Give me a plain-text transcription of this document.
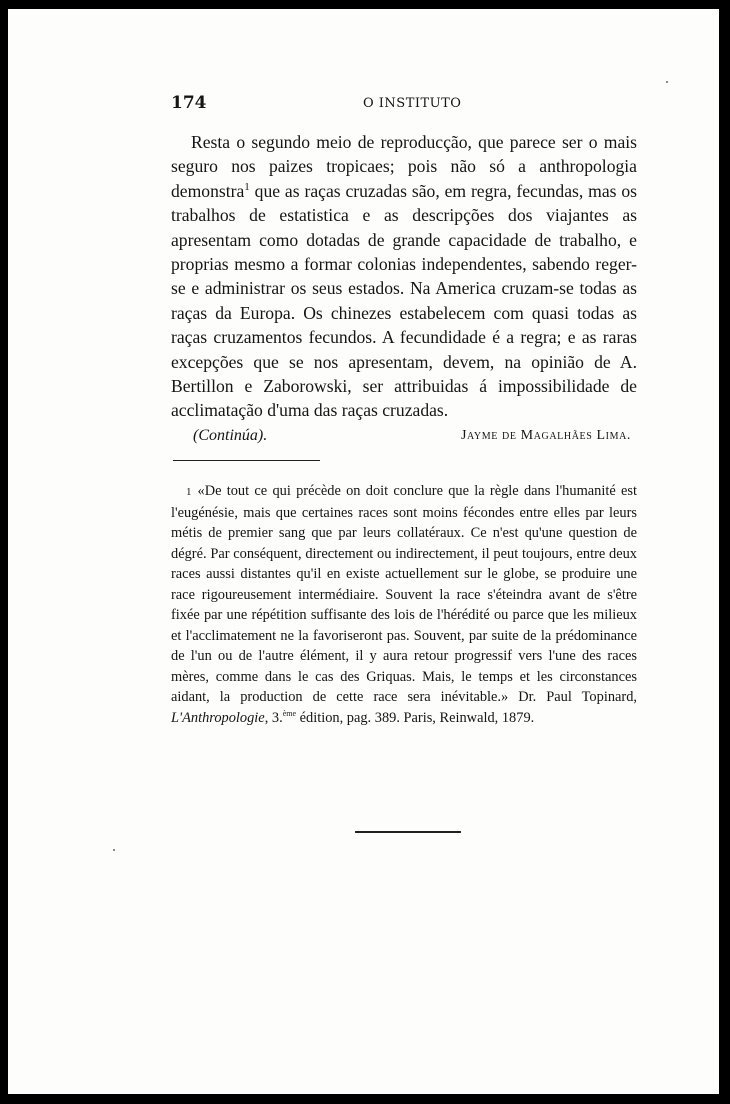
174	O INSTITUTO

Resta o segundo meio de reproducção, que parece ser o mais seguro nos paizes tropicaes; pois não só a anthropologia demonstra$^1$ que as raças cruzadas são, em regra, fecundas, mas os trabalhos de estatistica e as descripções dos viajantes as apresentam como dotadas de grande capacidade de trabalho, e proprias mesmo a formar colonias independentes, sabendo reger-se e administrar os seus estados. Na America cruzam-se todas as raças da Europa. Os chinezes estabelecem com quasi todas as raças cruzamentos fecundos. A fecundidade é a regra; e as raras excepções que se nos apresentam, devem, na opinião de A. Bertillon e Zaborowski, ser attribuidas á impossibilidade de acclimatação d'uma das raças cruzadas.

(Continúa).	Jayme de Magalhães Lima.

1 «De tout ce qui précède on doit conclure que la règle dans l'humanité est l'eugénésie, mais que certaines races sont moins fécondes entre elles par leurs métis de premier sang que par leurs collatéraux. Ce n'est qu'une question de dégré. Par conséquent, directement ou indirectement, il peut toujours, entre deux races aussi distantes qu'il en existe actuellement sur le globe, se produire une race rigoureusement intermédiaire. Souvent la race s'éteindra avant de s'être fixée par une répétition suffisante des lois de l'hérédité ou parce que les milieux et l'acclimatement ne la favoriseront pas. Souvent, par suite de la prédominance de l'un ou de l'autre élément, il y aura retour progressif vers l'une des races mères, comme dans le cas des Griquas. Mais, le temps et les circonstances aidant, la production de cette race sera inévitable.» Dr. Paul Topinard, L'Anthropologie, 3.$^{ème}$ édition, pag. 389. Paris, Reinwald, 1879.
